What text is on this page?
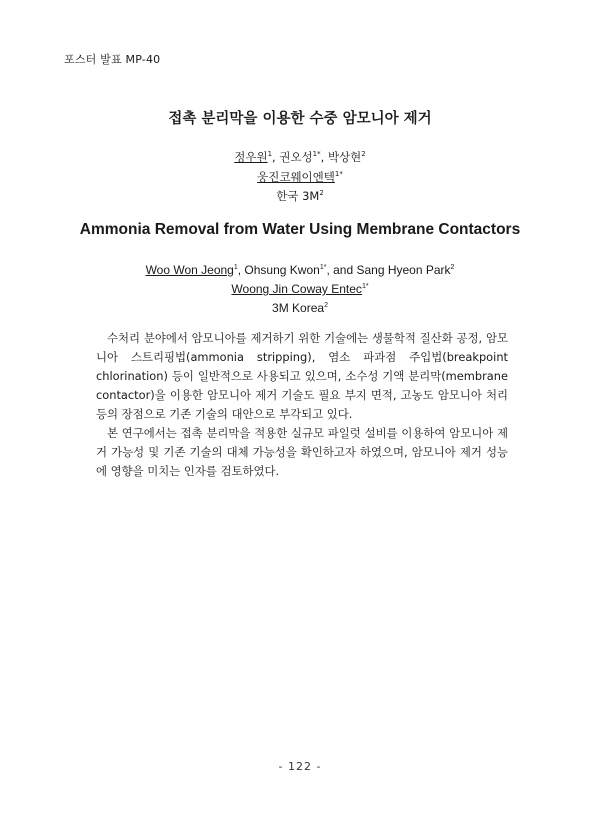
포스터 발표 MP-40
접촉 분리막을 이용한 수중 암모니아 제거
정우원$^1$, 권오성$^{1*}$, 박상현$^2$
웅진코웨이엔텍$^{1*}$
한국 $3M^2$
Ammonia Removal from Water Using Membrane Contactors
Woo Won Jeong$^1$, Ohsung Kwon$^{1*}$, and Sang Hyeon Park$^2$
Woong Jin Coway Entec$^{1*}$
3M Korea$^2$

수처리 분야에서 암모니아를 제거하기 위한 기술에는 생물학적 질산화 공정, 암모니아 스트리핑법(ammonia stripping), 염소 파과점 주입법(breakpoint chlorination) 등이 일반적으로 사용되고 있으며, 소수성 기액 분리막(membrane contactor)을 이용한 암모니아 제거 기술도 필요 부지 면적, 고농도 암모니아 처리 등의 장점으로 기존 기술의 대안으로 부각되고 있다.

본 연구에서는 접촉 분리막을 적용한 실규모 파일럿 설비를 이용하여 암모니아 제거 가능성 및 기존 기술의 대체 가능성을 확인하고자 하였으며, 암모니아 제거 성능에 영향을 미치는 인자를 검토하였다.

- 122 -
